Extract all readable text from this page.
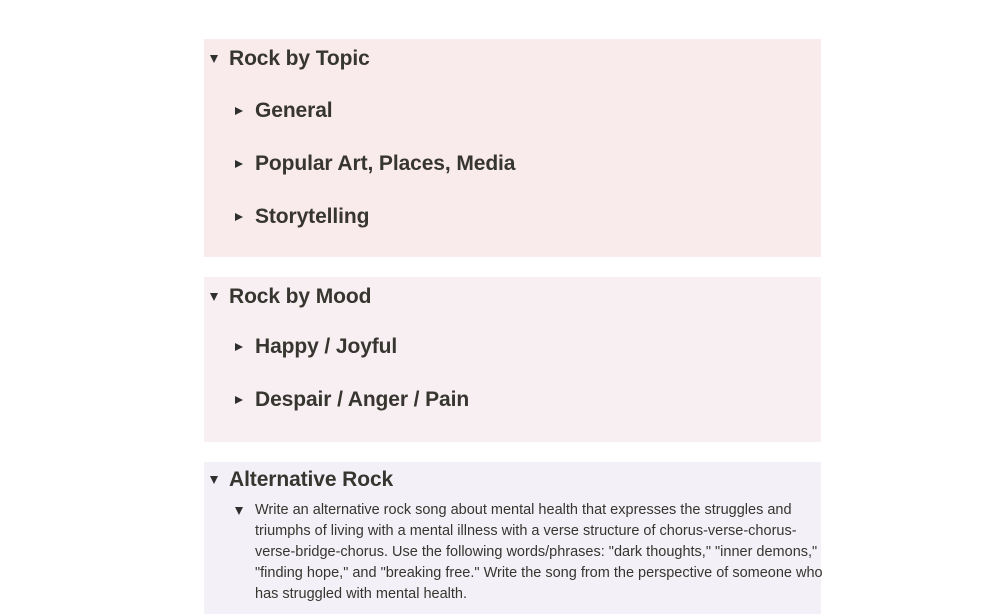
Rock by Topic
General
Popular Art, Places, Media
Storytelling
Rock by Mood
Happy / Joyful
Despair / Anger / Pain
Alternative Rock
Write an alternative rock song about mental health that expresses the struggles and triumphs of living with a mental illness with a verse structure of chorus-verse-chorus-verse-bridge-chorus. Use the following words/phrases: "dark thoughts," "inner demons," "finding hope," and "breaking free." Write the song from the perspective of someone who has struggled with mental health.
